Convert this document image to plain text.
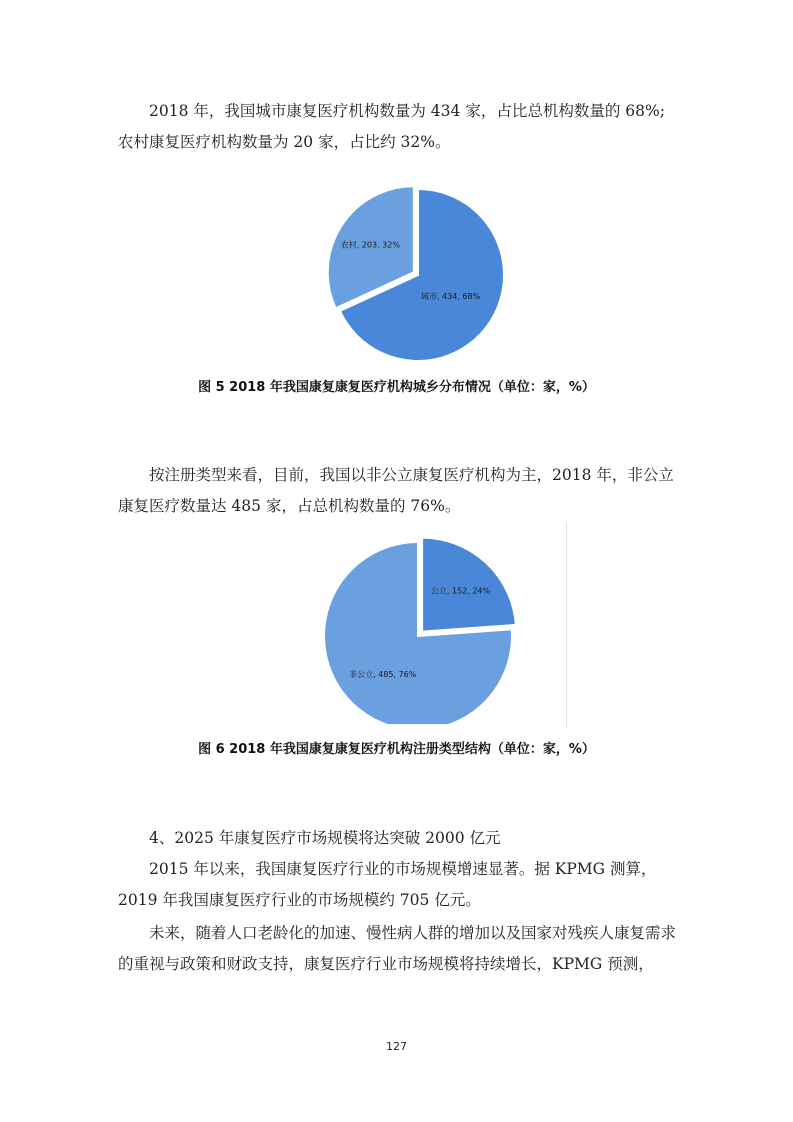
2018 年，我国城市康复医疗机构数量为 434 家，占比总机构数量的 68%;农村康复医疗机构数量为 20 家，占比约 32%。

城市, 434, 68%
农村, 203, 32%
图 5 2018 年我国康复康复医疗机构城乡分布情况（单位：家，%）

按注册类型来看，目前，我国以非公立康复医疗机构为主，2018 年，非公立康复医疗数量达 485 家，占总机构数量的 76%。

公立, 152, 24%
非公立, 485, 76%
图 6 2018 年我国康复康复医疗机构注册类型结构（单位：家，%）

4、2025 年康复医疗市场规模将达突破 2000 亿元

2015 年以来，我国康复医疗行业的市场规模增速显著。据 KPMG 测算，2019 年我国康复医疗行业的市场规模约 705 亿元。

未来，随着人口老龄化的加速、慢性病人群的增加以及国家对残疾人康复需求的重视与政策和财政支持，康复医疗行业市场规模将持续增长，KPMG 预测，

127
